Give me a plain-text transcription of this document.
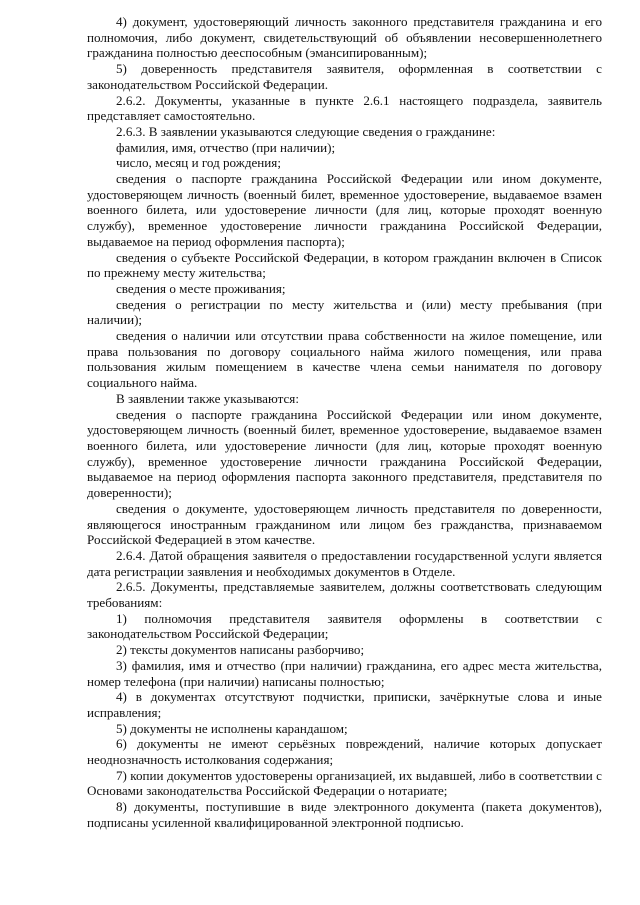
4) документ, удостоверяющий личность законного представителя гражданина и его полномочия, либо документ, свидетельствующий об объявлении несовершеннолетнего гражданина полностью дееспособным (эмансипированным);

5) доверенность представителя заявителя, оформленная в соответствии с законодательством Российской Федерации.

2.6.2. Документы, указанные в пункте 2.6.1 настоящего подраздела, заявитель представляет самостоятельно.

2.6.3. В заявлении указываются следующие сведения о гражданине:

фамилия, имя, отчество (при наличии);

число, месяц и год рождения;

сведения о паспорте гражданина Российской Федерации или ином документе, удостоверяющем личность (военный билет, временное удостоверение, выдаваемое взамен военного билета, или удостоверение личности (для лиц, которые проходят военную службу), временное удостоверение личности гражданина Российской Федерации, выдаваемое на период оформления паспорта);

сведения о субъекте Российской Федерации, в котором гражданин включен в Список по прежнему месту жительства;

сведения о месте проживания;

сведения о регистрации по месту жительства и (или) месту пребывания (при наличии);

сведения о наличии или отсутствии права собственности на жилое помещение, или права пользования по договору социального найма жилого помещения, или права пользования жилым помещением в качестве члена семьи нанимателя по договору социального найма.

В заявлении также указываются:

сведения о паспорте гражданина Российской Федерации или ином документе, удостоверяющем личность (военный билет, временное удостоверение, выдаваемое взамен военного билета, или удостоверение личности (для лиц, которые проходят военную службу), временное удостоверение личности гражданина Российской Федерации, выдаваемое на период оформления паспорта законного представителя, представителя по доверенности);

сведения о документе, удостоверяющем личность представителя по доверенности, являющегося иностранным гражданином или лицом без гражданства, признаваемом Российской Федерацией в этом качестве.

2.6.4. Датой обращения заявителя о предоставлении государственной услуги является дата регистрации заявления и необходимых документов в Отделе.

2.6.5. Документы, представляемые заявителем, должны соответствовать следующим требованиям:

1) полномочия представителя заявителя оформлены в соответствии с законодательством Российской Федерации;

2) тексты документов написаны разборчиво;

3) фамилия, имя и отчество (при наличии) гражданина, его адрес места жительства, номер телефона (при наличии) написаны полностью;

4) в документах отсутствуют подчистки, приписки, зачёркнутые слова и иные исправления;

5) документы не исполнены карандашом;

6) документы не имеют серьёзных повреждений, наличие которых допускает неоднозначность истолкования содержания;

7) копии документов удостоверены организацией, их выдавшей, либо в соответствии с Основами законодательства Российской Федерации о нотариате;

8) документы, поступившие в виде электронного документа (пакета документов), подписаны усиленной квалифицированной электронной подписью.
